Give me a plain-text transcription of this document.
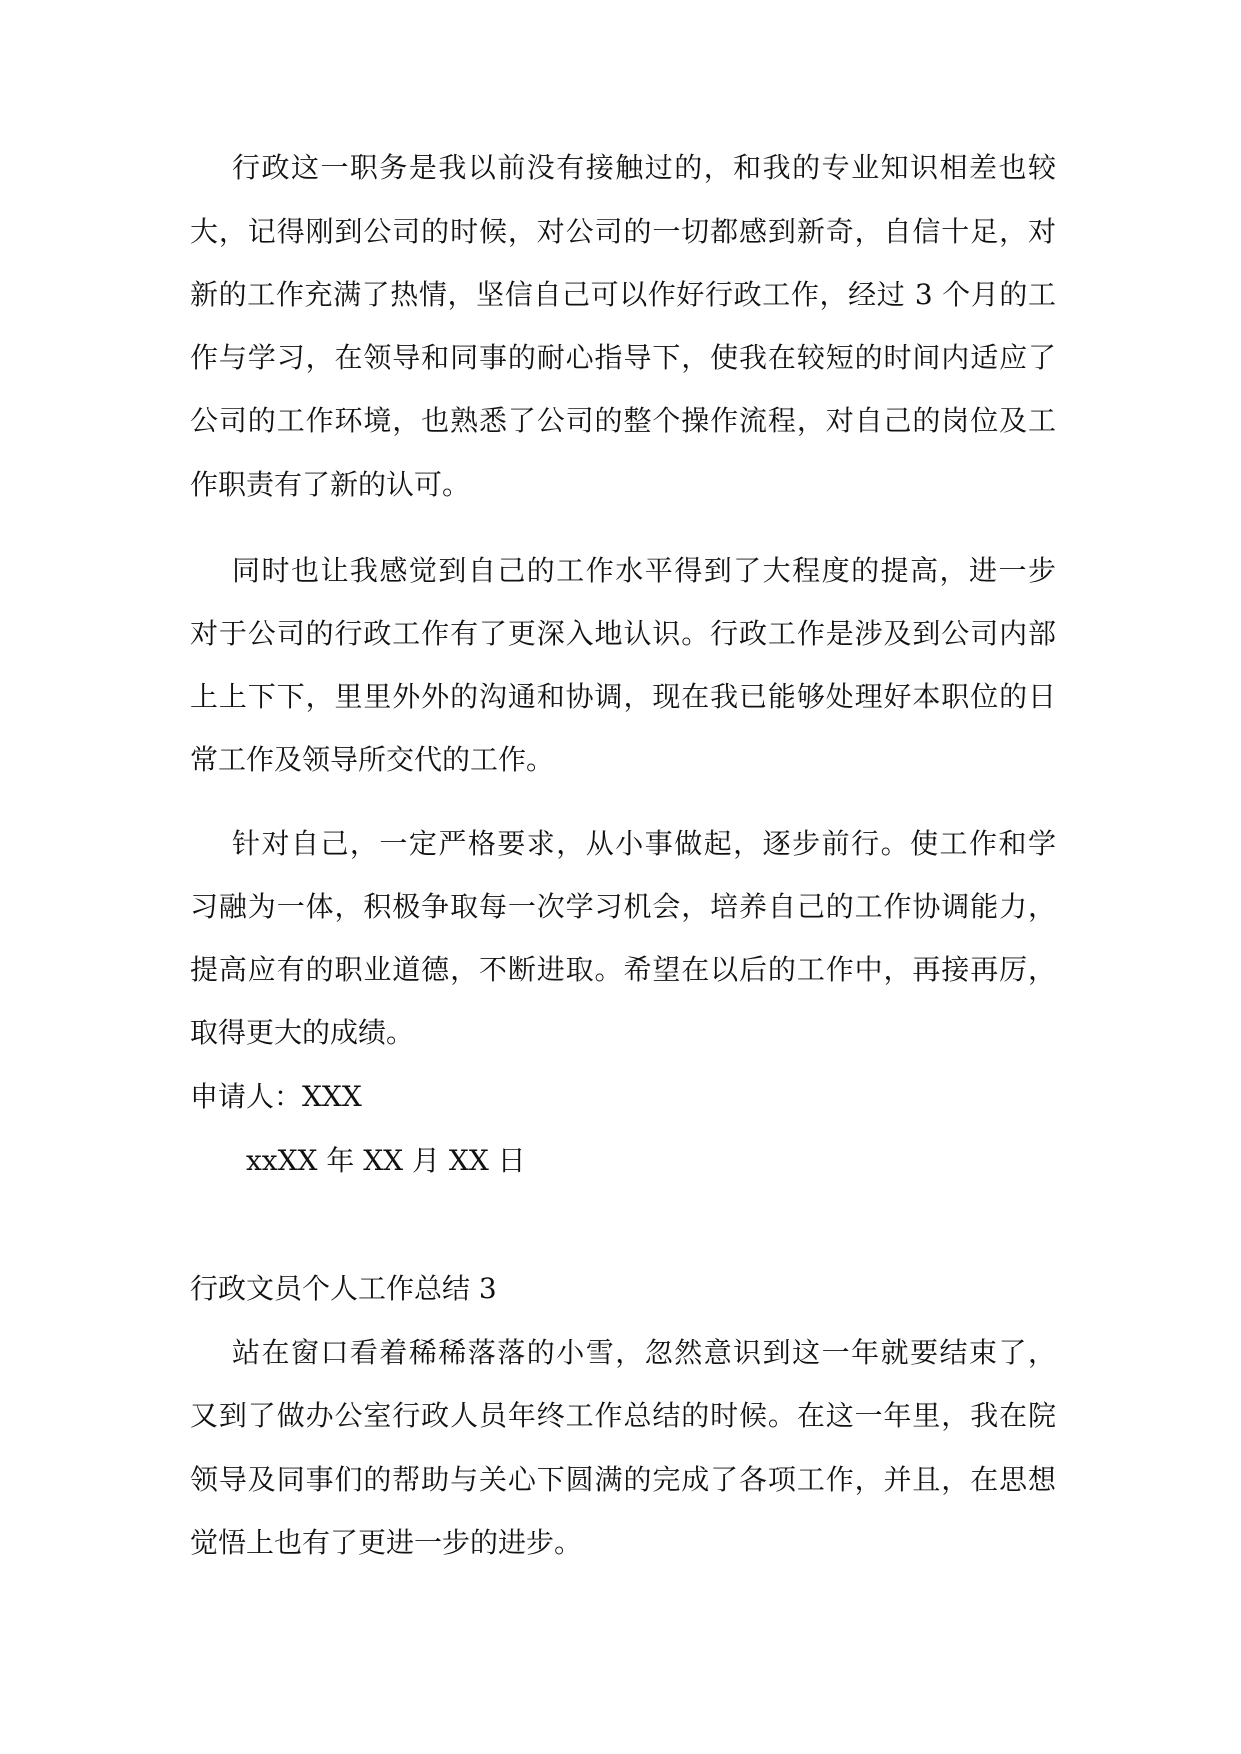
行政这一职务是我以前没有接触过的，和我的专业知识相差也较
大，记得刚到公司的时候，对公司的一切都感到新奇，自信十足，对
新的工作充满了热情，坚信自己可以作好行政工作，经过 3 个月的工
作与学习，在领导和同事的耐心指导下，使我在较短的时间内适应了
公司的工作环境，也熟悉了公司的整个操作流程，对自己的岗位及工
作职责有了新的认可。
同时也让我感觉到自己的工作水平得到了大程度的提高，进一步
对于公司的行政工作有了更深入地认识。行政工作是涉及到公司内部
上上下下，里里外外的沟通和协调，现在我已能够处理好本职位的日
常工作及领导所交代的工作。
针对自己，一定严格要求，从小事做起，逐步前行。使工作和学
习融为一体，积极争取每一次学习机会，培养自己的工作协调能力，
提高应有的职业道德，不断进取。希望在以后的工作中，再接再厉，
取得更大的成绩。
申请人：XXX
xxXX 年 XX 月 XX 日
行政文员个人工作总结 3
站在窗口看着稀稀落落的小雪，忽然意识到这一年就要结束了，
又到了做办公室行政人员年终工作总结的时候。在这一年里，我在院
领导及同事们的帮助与关心下圆满的完成了各项工作，并且，在思想
觉悟上也有了更进一步的进步。
